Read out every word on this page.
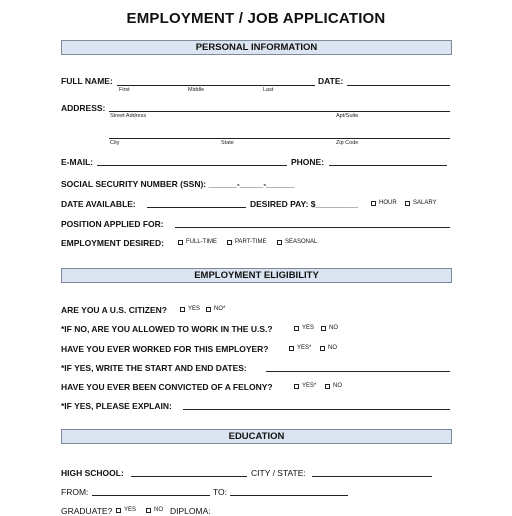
EMPLOYMENT / JOB APPLICATION
PERSONAL INFORMATION
FULL NAME:
First	Middle	Last
DATE:
ADDRESS:
Street Address	Apt/Suite
City	State	Zip Code
E-MAIL:	PHONE:
SOCIAL SECURITY NUMBER (SSN): ______-_____-______
DATE AVAILABLE:	DESIRED PAY: $_________	HOUR	SALARY
POSITION APPLIED FOR:
EMPLOYMENT DESIRED:	FULL-TIME	PART-TIME	SEASONAL
EMPLOYMENT ELIGIBILITY
ARE YOU A U.S. CITIZEN?	YES NO*
*IF NO, ARE YOU ALLOWED TO WORK IN THE U.S.?	YES NO
HAVE YOU EVER WORKED FOR THIS EMPLOYER?	YES*	NO
*IF YES, WRITE THE START AND END DATES:
HAVE YOU EVER BEEN CONVICTED OF A FELONY?	YES*	NO
*IF YES, PLEASE EXPLAIN:
EDUCATION
HIGH SCHOOL:	CITY / STATE:
FROM:	TO:
GRADUATE? YES	NO DIPLOMA:
